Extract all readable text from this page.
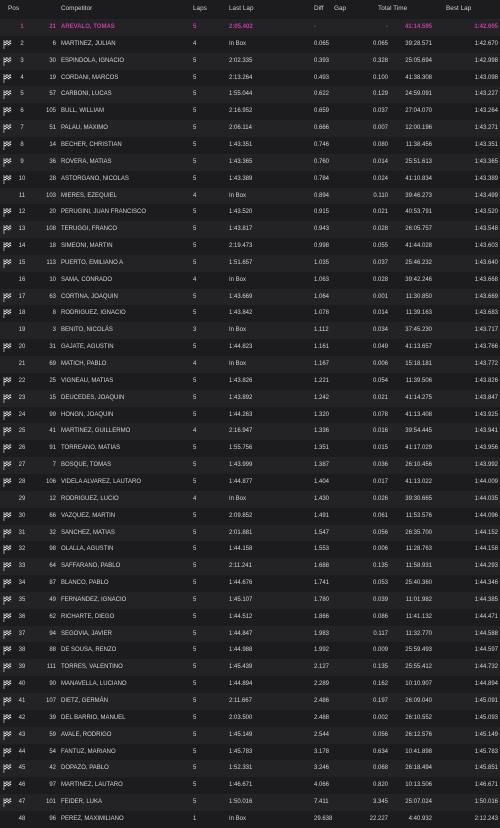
Pos	Competitor	Laps	Last Lap	Diff Gap	Total Time	Best Lap
1	21 AREVALO, TOMAS	5	2:05.402	-	-	41:14.595	1:42.605
2	6 MARTINEZ, JULIAN	4	In Box	0.065	0.065	39:28.571	1:42.670
3	30 ESPINDOLA, IGNACIO	5	2:02.335	0.393	0.328	25:05.694	1:42.998
4	19 CORDANI, MARCOS	5	2:13.264	0.493	0.100	41:38.308	1:43.098
5	57 CARBONI, LUCAS	5	1:55.044	0.622	0.129	24:59.091	1:43.227
6	105 BULL, WILLIAM	5	2:16.952	0.659	0.037	27:04.070	1:43.264
7	51 PALAU, MAXIMO	5	2:06.114	0.666	0.007	12:00.196	1:43.271
8	14 BECHER, CHRISTIAN	5	1:43.351	0.746	0.080	11:38.456	1:43.351
9	36 ROVERA, MATIAS	5	1:43.365	0.760	0.014	25:51.613	1:43.365
10	28 ASTORGANO, NICOLAS	5	1:43.389	0.784	0.024	41:10.834	1:43.389
11	103 MIERES, EZEQUIEL	4	In Box	0.894	0.110	39:46.273	1:43.499
12	20 PERUGINI, JUAN FRANCISCO	5	1:43.520	0.915	0.021	40:53.791	1:43.520
13	108 TERUGGI, FRANCO	5	1:43.817	0.943	0.028	26:05.757	1:43.548
14	18 SIMEONI, MARTIN	5	2:19.473	0.998	0.055	41:44.028	1:43.603
15	113 PUERTO, EMILIANO A	5	1:51.657	1.035	0.037	25:46.232	1:43.640
16	10 SAMA, CONRADO	4	In Box	1.063	0.028	39:42.246	1:43.668
17	63 CORTINA, JOAQUIN	5	1:43.669	1.064	0.001	11:30.850	1:43.669
18	8 RODRIGUEZ, IGNACIO	5	1:43.842	1.078	0.014	11:39.163	1:43.683
19	3 BENITO, NICOLÁS	3	In Box	1.112	0.034	37:45.230	1:43.717
20	31 GAJATE, AGUSTIN	5	1:44.823	1.161	0.049	41:13.657	1:43.766
21	69 MATICH, PABLO	4	In Box	1.167	0.006	15:18.181	1:43.772
22	25 VIGNEAU, MATIAS	5	1:43.826	1.221	0.054	11:39.506	1:43.826
23	15 DEUCEDES, JOAQUIN	5	1:43.892	1.242	0.021	41:14.275	1:43.847
24	99 HONGN, JOAQUIN	5	1:44.263	1.320	0.078	41:13.408	1:43.925
25	41 MARTINEZ, GUILLERMO	4	2:16.947	1.336	0.016	39:54.445	1:43.941
26	91 TORREANO, MATIAS	5	1:55.756	1.351	0.015	41:17.029	1:43.956
27	7 BOSQUE, TOMAS	5	1:43.999	1.387	0.036	26:10.456	1:43.992
28	106 VIDELA ALVAREZ, LAUTARO	5	1:44.877	1.404	0.017	41:13.022	1:44.009
29	12 RODRIGUEZ, LUCIO	4	In Box	1.430	0.026	39:30.665	1:44.035
30	66 VAZQUEZ, MARTIN	5	2:09.852	1.491	0.061	11:53.576	1:44.096
31	32 SANCHEZ, MATIAS	5	2:01.881	1.547	0.056	26:35.700	1:44.152
32	98 OLALLA, AGUSTIN	5	1:44.158	1.553	0.006	11:28.763	1:44.158
33	64 SAFFARANO, PABLO	5	2:11.241	1.688	0.135	11:58.931	1:44.293
34	87 BLANCO, PABLO	5	1:44.676	1.741	0.053	25:40.360	1:44.346
35	49 FERNANDEZ, IGNACIO	5	1:45.107	1.780	0.039	11:01.982	1:44.385
36	62 RICHARTE, DIEGO	5	1:44.512	1.866	0.086	11:41.132	1:44.471
37	94 SEGOVIA, JAVIER	5	1:44.847	1.983	0.117	11:32.770	1:44.588
38	88 DE SOUSA, RENZO	5	1:44.988	1.992	0.009	25:59.493	1:44.597
39	111 TORRES, VALENTINO	5	1:45.439	2.127	0.135	25:55.412	1:44.732
40	90 MANAVELLA, LUCIANO	5	1:44.894	2.289	0.162	10:10.907	1:44.894
41	107 DIETZ, GERMÁN	5	2:11.667	2.486	0.197	26:09.040	1:45.091
42	39 DEL BARRIO, MANUEL	5	2:03.500	2.488	0.002	26:10.552	1:45.093
43	59 AVALE, RODRIGO	5	1:45.149	2.544	0.056	26:12.576	1:45.149
44	54 FANTUZ, MARIANO	5	1:45.783	3.178	0.634	10:41.898	1:45.783
45	42 DOPAZO, PABLO	5	1:52.331	3.246	0.068	26:18.494	1:45.851
46	97 MARTINEZ, LAUTARO	5	1:46.671	4.066	0.820	10:13.506	1:46.671
47	101 FEIDER, LUKA	5	1:50.016	7.411	3.345	25:07.024	1:50.016
48	96 PEREZ, MAXIMILIANO	1	In Box	29.638	22.227	4:40.932	2:12.243
